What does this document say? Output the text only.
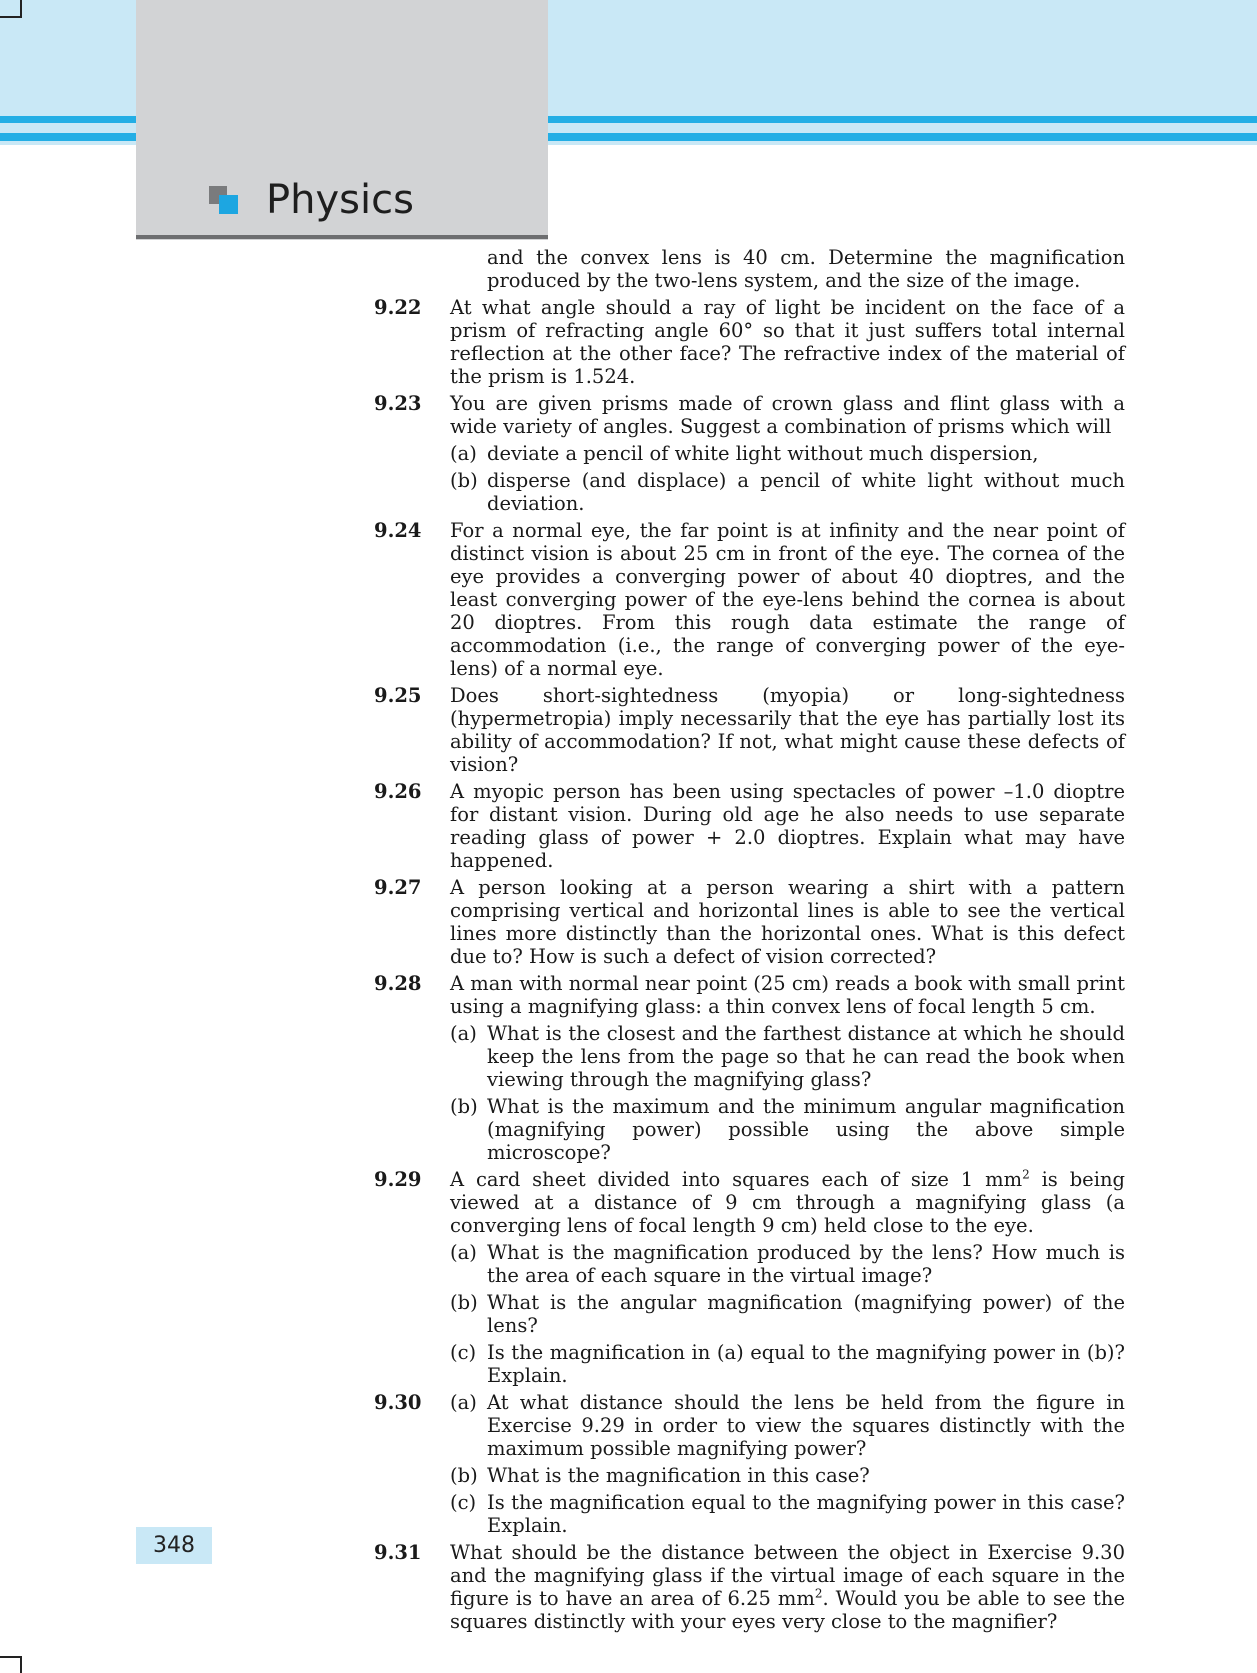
Physics
348
and the convex lens is 40 cm. Determine the magnification produced by the two-lens system, and the size of the image.
9.22 At what angle should a ray of light be incident on the face of a prism of refracting angle 60° so that it just suffers total internal reflection at the other face? The refractive index of the material of the prism is 1.524.
9.23 You are given prisms made of crown glass and flint glass with a wide variety of angles. Suggest a combination of prisms which will
(a) deviate a pencil of white light without much dispersion,
(b) disperse (and displace) a pencil of white light without much deviation.
9.24 For a normal eye, the far point is at infinity and the near point of distinct vision is about 25 cm in front of the eye. The cornea of the eye provides a converging power of about 40 dioptres, and the least converging power of the eye-lens behind the cornea is about 20 dioptres. From this rough data estimate the range of accommodation (i.e., the range of converging power of the eye-lens) of a normal eye.
9.25 Does short-sightedness (myopia) or long-sightedness (hypermetropia) imply necessarily that the eye has partially lost its ability of accommodation? If not, what might cause these defects of vision?
9.26 A myopic person has been using spectacles of power –1.0 dioptre for distant vision. During old age he also needs to use separate reading glass of power + 2.0 dioptres. Explain what may have happened.
9.27 A person looking at a person wearing a shirt with a pattern comprising vertical and horizontal lines is able to see the vertical lines more distinctly than the horizontal ones. What is this defect due to? How is such a defect of vision corrected?
9.28 A man with normal near point (25 cm) reads a book with small print using a magnifying glass: a thin convex lens of focal length 5 cm.
(a) What is the closest and the farthest distance at which he should keep the lens from the page so that he can read the book when viewing through the magnifying glass?
(b) What is the maximum and the minimum angular magnification (magnifying power) possible using the above simple microscope?
9.29 A card sheet divided into squares each of size 1 $mm^2$ is being viewed at a distance of 9 cm through a magnifying glass (a converging lens of focal length 9 cm) held close to the eye.
(a) What is the magnification produced by the lens? How much is the area of each square in the virtual image?
(b) What is the angular magnification (magnifying power) of the lens?
(c) Is the magnification in (a) equal to the magnifying power in (b)? Explain.
9.30 (a) At what distance should the lens be held from the figure in Exercise 9.29 in order to view the squares distinctly with the maximum possible magnifying power?
(b) What is the magnification in this case?
(c) Is the magnification equal to the magnifying power in this case? Explain.
9.31 What should be the distance between the object in Exercise 9.30 and the magnifying glass if the virtual image of each square in the figure is to have an area of 6.25 $mm^2$. Would you be able to see the squares distinctly with your eyes very close to the magnifier?
